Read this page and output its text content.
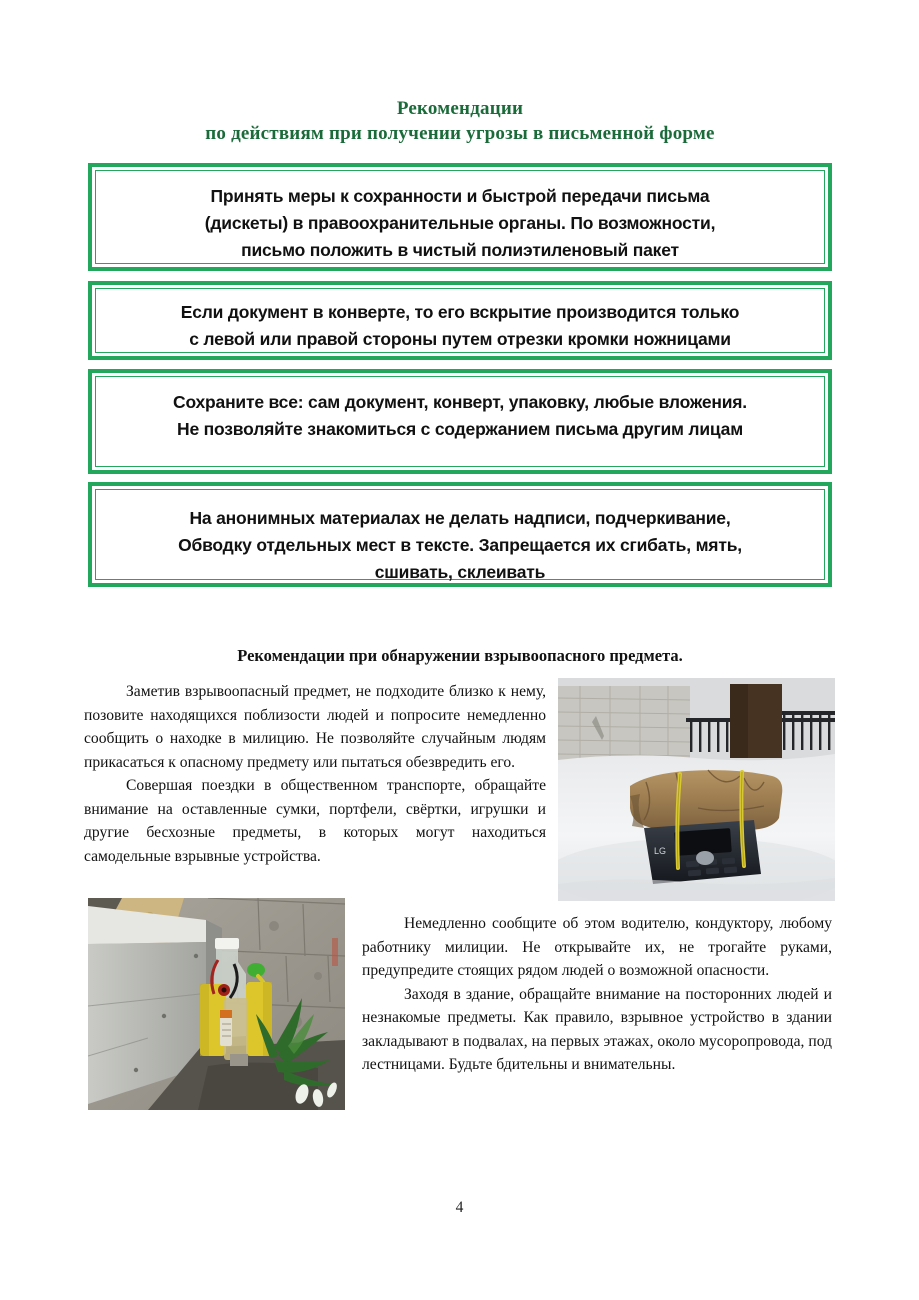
Рекомендации
по действиям при получении угрозы в письменной форме
Принять меры к сохранности и быстрой передачи письма
(дискеты) в правоохранительные органы. По возможности,
письмо положить в чистый полиэтиленовый пакет
Если документ в конверте, то его вскрытие производится только
с левой или правой стороны путем отрезки кромки ножницами
Сохраните все: сам документ, конверт, упаковку, любые вложения.
Не позволяйте знакомиться с содержанием письма другим лицам
На анонимных материалах не делать надписи, подчеркивание,
Обводку отдельных мест в тексте. Запрещается их сгибать, мять,
сшивать, склеивать
Рекомендации при обнаружении взрывоопасного предмета.

Заметив взрывоопасный предмет, не подходите близко к нему, позовите находящихся поблизости людей и попросите немедленно сообщить о находке в милицию. Не позволяйте случайным людям прикасаться к опасному предмету или пытаться обезвредить его.

Совершая поездки в общественном транспорте, обращайте внимание на оставленные сумки, портфели, свёртки, игрушки и другие бесхозные предметы, в которых могут находиться самодельные взрывные устройства.

Немедленно сообщите об этом водителю, кондуктору, любому работнику милиции. Не открывайте их, не трогайте руками, предупредите стоящих рядом людей о возможной опасности.

Заходя в здание, обращайте внимание на посторонних людей и незнакомые предметы. Как правило, взрывное устройство в здании закладывают в подвалах, на первых этажах, около мусоропровода, под лестницами. Будьте бдительны и внимательны.

LG
4
